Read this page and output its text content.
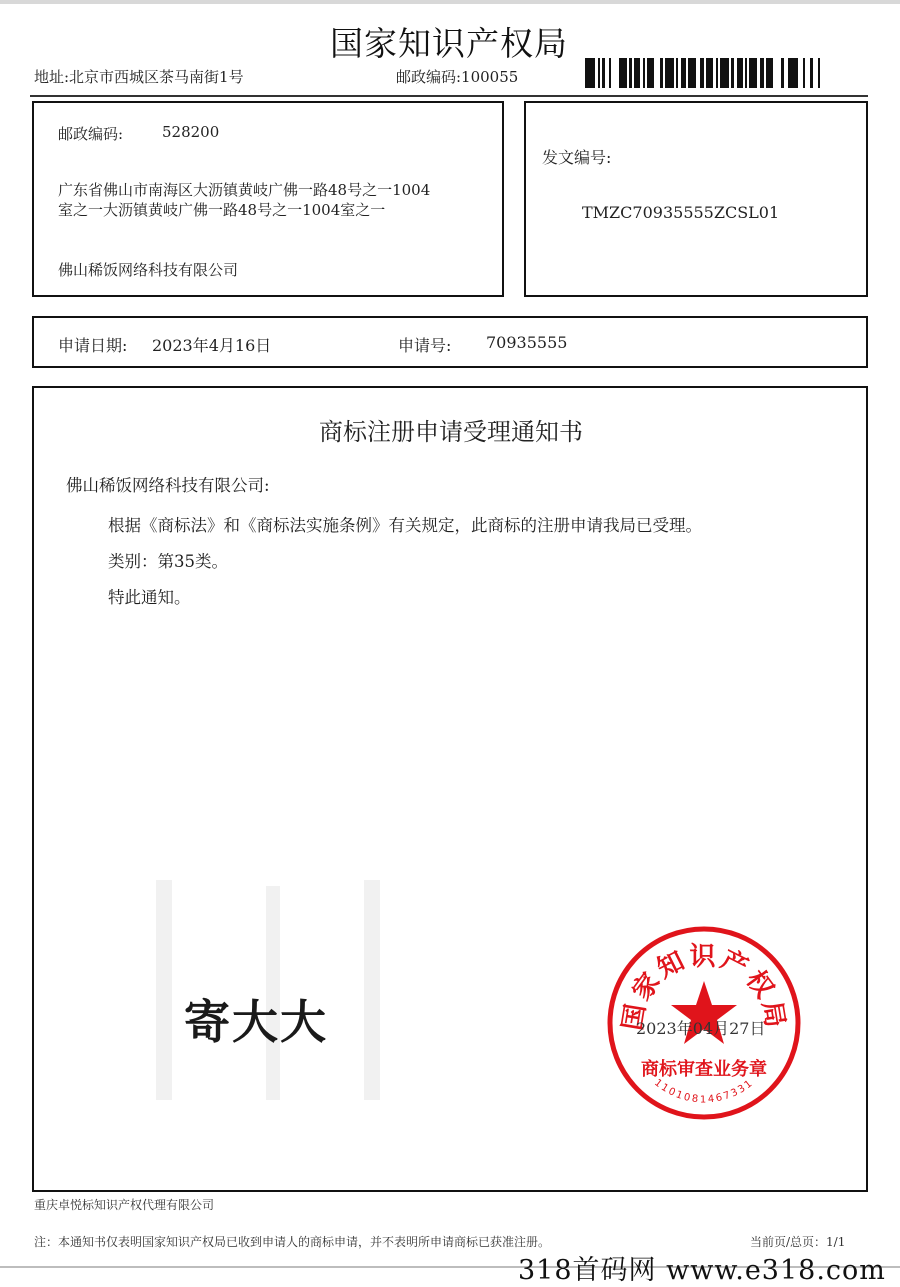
国家知识产权局
地址:北京市西城区茶马南街1号	邮政编码:100055
邮政编码:	528200
广东省佛山市南海区大沥镇黄岐广佛一路48号之一1004
室之一大沥镇黄岐广佛一路48号之一1004室之一
佛山稀饭网络科技有限公司
发文编号:
TMZC70935555ZCSL01
申请日期: 2023年4月16日	申请号: 70935555
商标注册申请受理通知书
佛山稀饭网络科技有限公司:
根据《商标法》和《商标法实施条例》有关规定，此商标的注册申请我局已受理。
类别：第35类。
特此通知。
寄大大	国家知识产权局
商标审查业务章
1101081467331
2023年04月27日
重庆卓悦标知识产权代理有限公司
注：本通知书仅表明国家知识产权局已收到申请人的商标申请，并不表明所申请商标已获准注册。	当前页/总页：1/1
318首码网 www.e318.com
